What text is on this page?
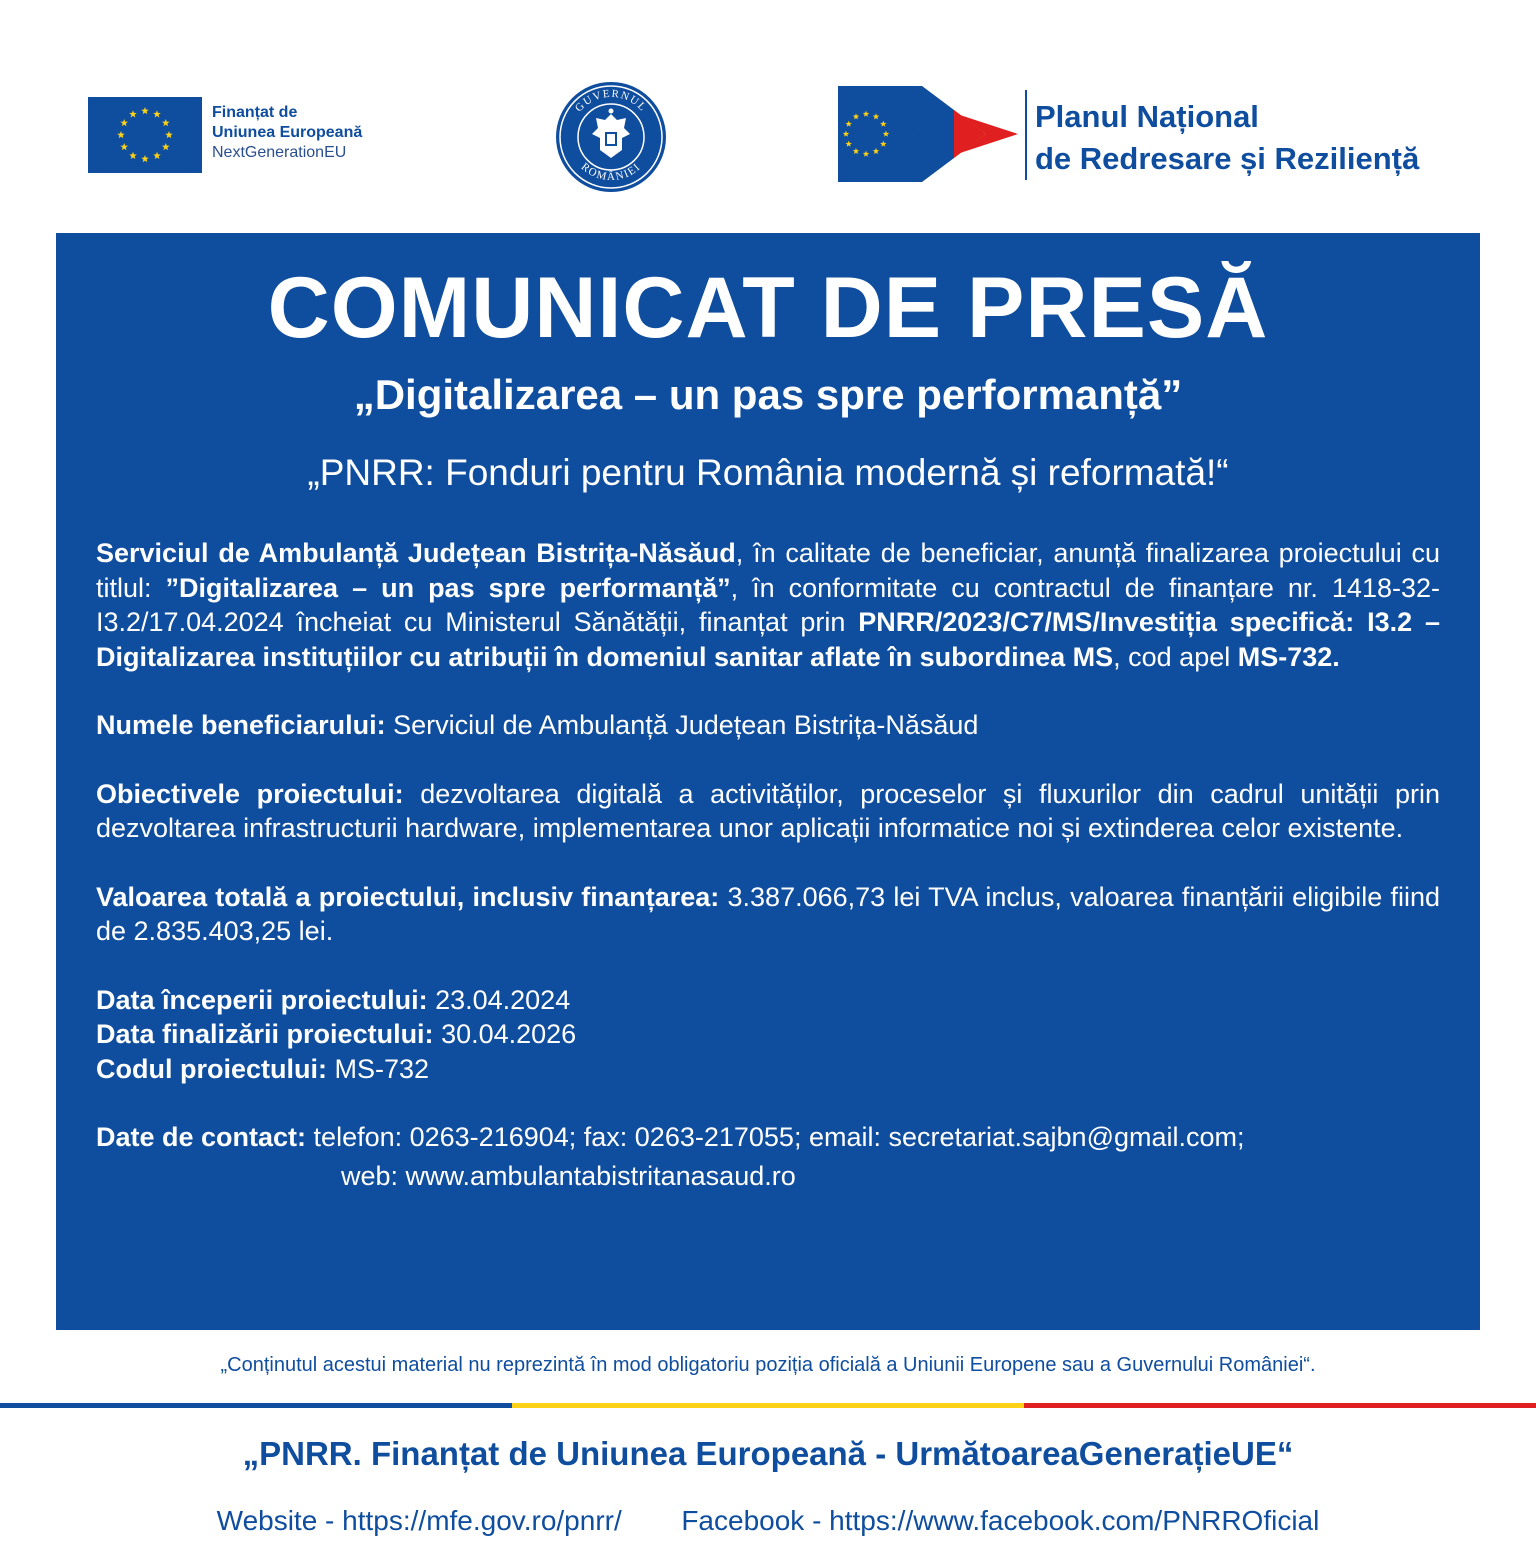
Finanțat de
Uniunea Europeană
NextGenerationEU
GUVERNUL
ROMÂNIEI
Planul Național
de Redresare și Reziliență
COMUNICAT DE PRESĂ
„Digitalizarea – un pas spre performanță”
„PNRR: Fonduri pentru România modernă și reformată!“

Serviciul de Ambulanță Județean Bistrița-Năsăud, în calitate de beneficiar, anunță finalizarea proiectului cu titlul: ”Digitalizarea – un pas spre performanță”, în conformitate cu contractul de finanțare nr. 1418-32-I3.2/17.04.2024 încheiat cu Ministerul Sănătății, finanțat prin PNRR/2023/C7/MS/Investiția specifică: I3.2 – Digitalizarea instituțiilor cu atribuții în domeniul sanitar aflate în subordinea MS, cod apel MS-732.

Numele beneficiarului: Serviciul de Ambulanță Județean Bistrița-Năsăud

Obiectivele proiectului: dezvoltarea digitală a activităților, proceselor și fluxurilor din cadrul unității prin dezvoltarea infrastructurii hardware, implementarea unor aplicații informatice noi și extinderea celor existente.

Valoarea totală a proiectului, inclusiv finanțarea: 3.387.066,73 lei TVA inclus, valoarea finanțării eligibile fiind de 2.835.403,25 lei.

Data începerii proiectului: 23.04.2024

Data finalizării proiectului: 30.04.2026

Codul proiectului: MS-732

Date de contact: telefon: 0263-216904; fax: 0263-217055; email: secretariat.sajbn@gmail.com;

web: www.ambulantabistritanasaud.ro

„Conținutul acestui material nu reprezintă în mod obligatoriu poziția oficială a Uniunii Europene sau a Guvernului României“.
„PNRR. Finanțat de Uniunea Europeană - UrmătoareaGenerațieUE“
Website - https://mfe.gov.ro/pnrr/ Facebook - https://www.facebook.com/PNRROficial
